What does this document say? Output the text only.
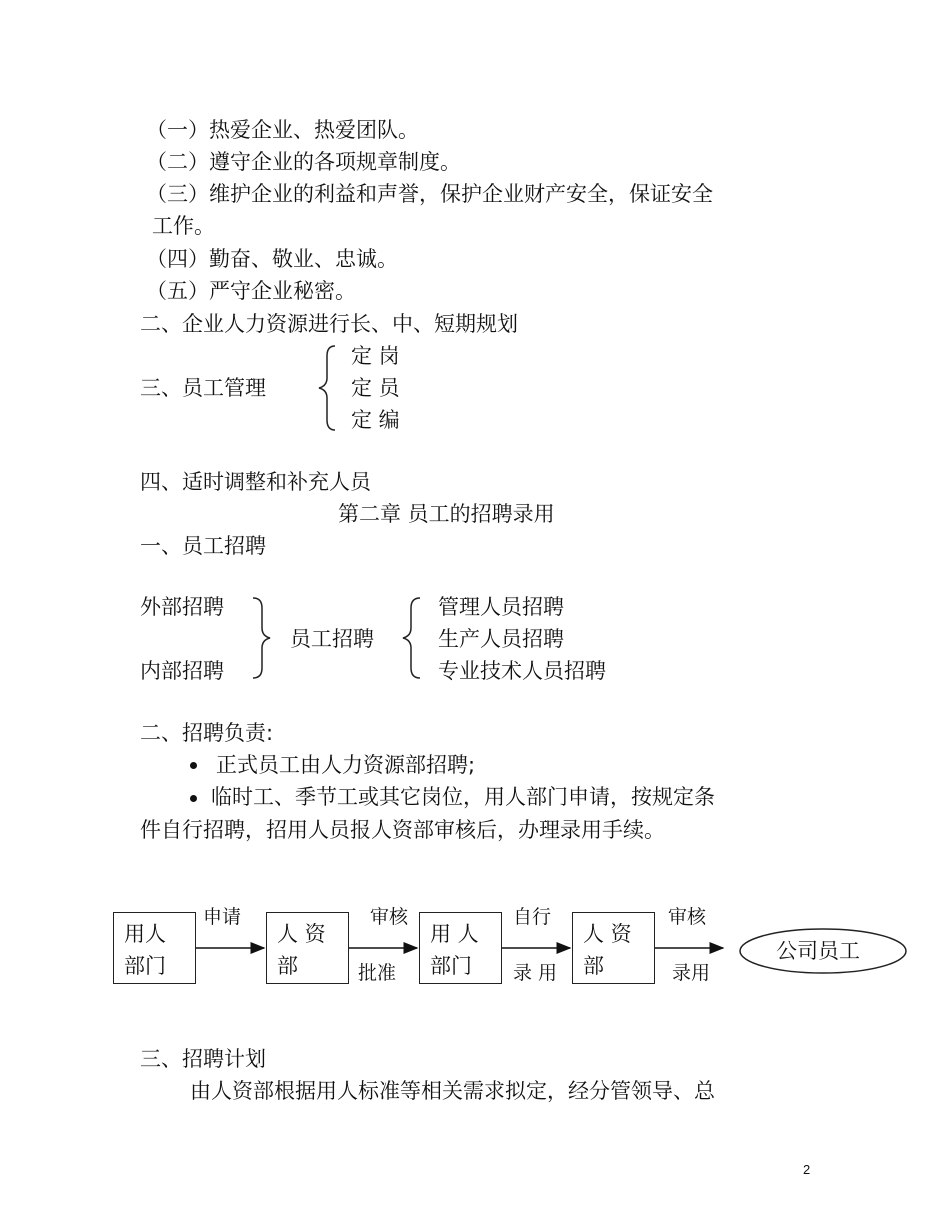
（一）热爱企业、热爱团队。
（二）遵守企业的各项规章制度。
（三）维护企业的利益和声誉，保护企业财产安全，保证安全
工作。
（四）勤奋、敬业、忠诚。
（五）严守企业秘密。
二、企业人力资源进行长、中、短期规划
三、员工管理
定 岗
定 员
定 编
四、适时调整和补充人员
第二章 员工的招聘录用
一、员工招聘
外部招聘
内部招聘
员工招聘
管理人员招聘
生产人员招聘
专业技术人员招聘
二、招聘负责:
正式员工由人力资源部招聘;
临时工、季节工或其它岗位，用人部门申请，按规定条
件自行招聘，招用人员报人资部审核后，办理录用手续。
用人
部门
申请
人 资
部
审核
批准
用 人
部门
自行
录 用
人 资
部
审核
录用
公司员工
三、招聘计划
由人资部根据用人标准等相关需求拟定，经分管领导、总
2
